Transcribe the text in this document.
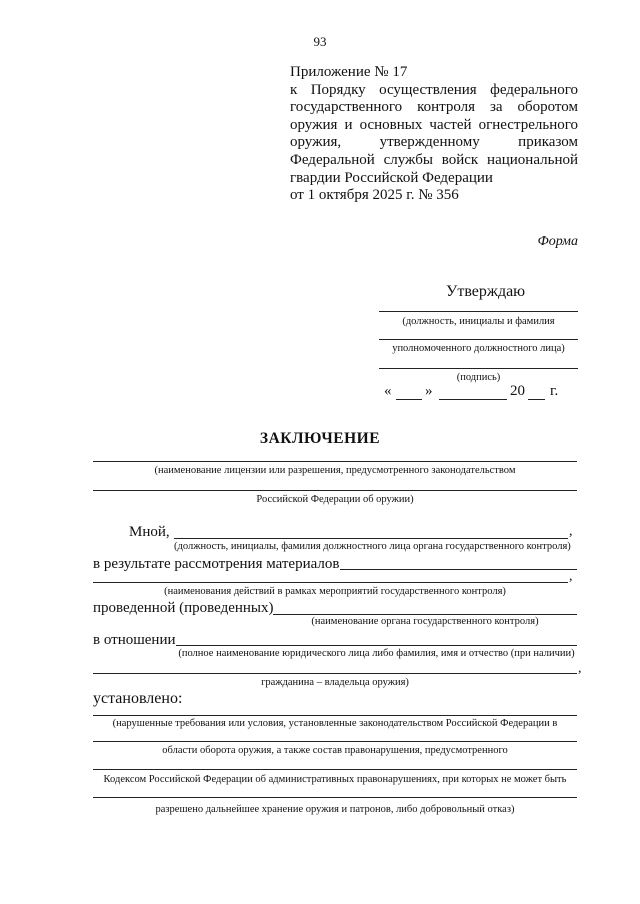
93
Приложение № 17
к Порядку осуществления федерального
государственного контроля за оборотом
оружия и основных частей огнестрельного
оружия, утвержденному приказом
Федеральной службы войск национальной
гвардии Российской Федерации
от 1 октября 2025 г. № 356
Форма
Утверждаю
(должность, инициалы и фамилия
уполномоченного должностного лица)
(подпись)
« »	20 г.
ЗАКЛЮЧЕНИЕ
(наименование лицензии или разрешения, предусмотренного законодательством
Российской Федерации об оружии)
Мной,	,
(должность, инициалы, фамилия должностного лица органа государственного контроля)
в результате рассмотрения материалов
,
(наименования действий в рамках мероприятий государственного контроля)
проведенной (проведенных)
(наименование органа государственного контроля)
в отношении
(полное наименование юридического лица либо фамилия, имя и отчество (при наличии)
,
гражданина – владельца оружия)
установлено:
(нарушенные требования или условия, установленные законодательством Российской Федерации в
области оборота оружия, а также состав правонарушения, предусмотренного
Кодексом Российской Федерации об административных правонарушениях, при которых не может быть
разрешено дальнейшее хранение оружия и патронов, либо добровольный отказ)
